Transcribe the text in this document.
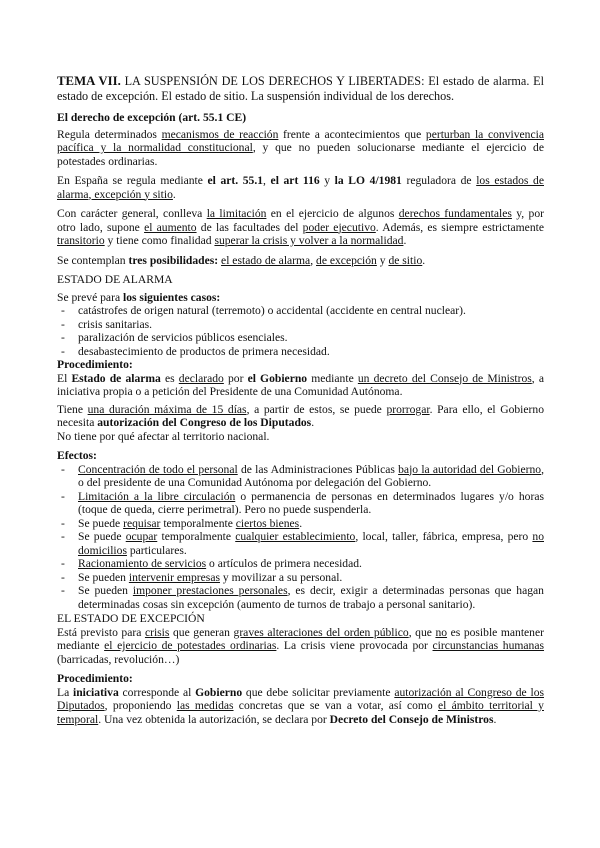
TEMA VII. LA SUSPENSIÓN DE LOS DERECHOS Y LIBERTADES: El estado de alarma. El estado de excepción. El estado de sitio. La suspensión individual de los derechos.

El derecho de excepción (art. 55.1 CE)

Regula determinados mecanismos de reacción frente a acontecimientos que perturban la convivencia pacífica y la normalidad constitucional, y que no pueden solucionarse mediante el ejercicio de potestades ordinarias.

En España se regula mediante el art. 55.1, el art 116 y la LO 4/1981 reguladora de los estados de alarma, excepción y sitio.

Con carácter general, conlleva la limitación en el ejercicio de algunos derechos fundamentales y, por otro lado, supone el aumento de las facultades del poder ejecutivo. Además, es siempre estrictamente transitorio y tiene como finalidad superar la crisis y volver a la normalidad.

Se contemplan tres posibilidades: el estado de alarma, de excepción y de sitio.

ESTADO DE ALARMA

Se prevé para los siguientes casos:

- catástrofes de origen natural (terremoto) o accidental (accidente en central nuclear).
- crisis sanitarias.
- paralización de servicios públicos esenciales.
- desabastecimiento de productos de primera necesidad.

Procedimiento:

El Estado de alarma es declarado por el Gobierno mediante un decreto del Consejo de Ministros, a iniciativa propia o a petición del Presidente de una Comunidad Autónoma.

Tiene una duración máxima de 15 días, a partir de estos, se puede prorrogar. Para ello, el Gobierno necesita autorización del Congreso de los Diputados.

No tiene por qué afectar al territorio nacional.

Efectos:

- Concentración de todo el personal de las Administraciones Públicas bajo la autoridad del Gobierno, o del presidente de una Comunidad Autónoma por delegación del Gobierno.
- Limitación a la libre circulación o permanencia de personas en determinados lugares y/o horas (toque de queda, cierre perimetral). Pero no puede suspenderla.
- Se puede requisar temporalmente ciertos bienes.
- Se puede ocupar temporalmente cualquier establecimiento, local, taller, fábrica, empresa, pero no domicilios particulares.
- Racionamiento de servicios o artículos de primera necesidad.
- Se pueden intervenir empresas y movilizar a su personal.
- Se pueden imponer prestaciones personales, es decir, exigir a determinadas personas que hagan determinadas cosas sin excepción (aumento de turnos de trabajo a personal sanitario).

EL ESTADO DE EXCEPCIÓN

Está previsto para crisis que generan graves alteraciones del orden público, que no es posible mantener mediante el ejercicio de potestades ordinarias. La crisis viene provocada por circunstancias humanas (barricadas, revolución…)

Procedimiento:

La iniciativa corresponde al Gobierno que debe solicitar previamente autorización al Congreso de los Diputados, proponiendo las medidas concretas que se van a votar, así como el ámbito territorial y temporal. Una vez obtenida la autorización, se declara por Decreto del Consejo de Ministros.
